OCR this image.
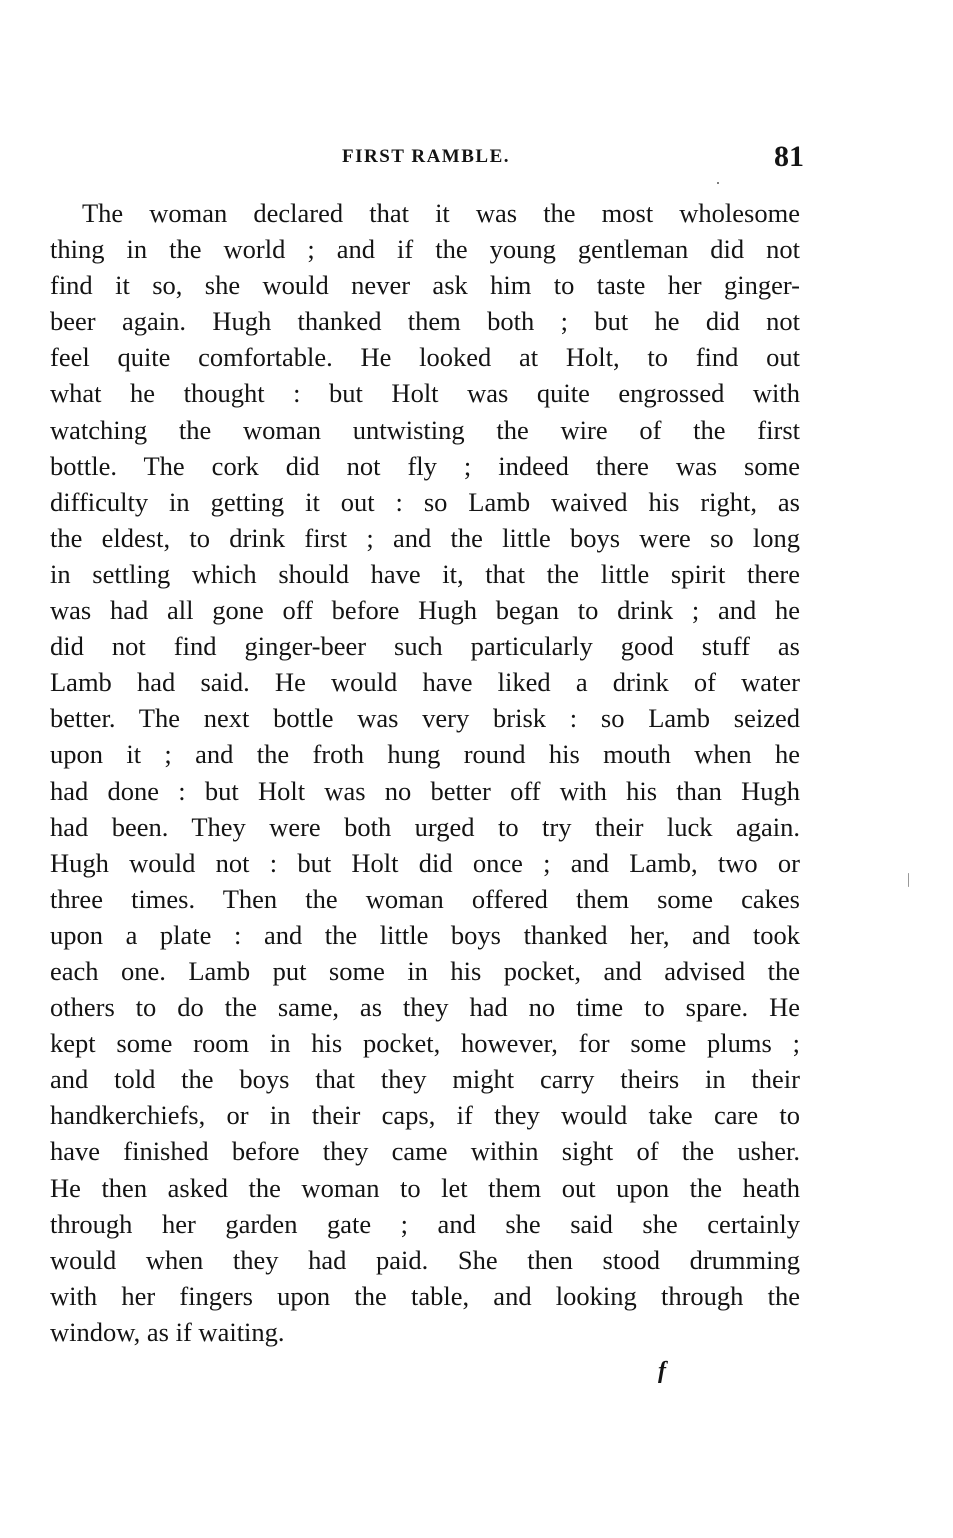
FIRST RAMBLE.	81
The woman declared that it was the most wholesome
thing in the world ; and if the young gentleman did not
find it so, she would never ask him to taste her ginger-
beer again. Hugh thanked them both ; but he did not
feel quite comfortable. He looked at Holt, to find out
what he thought : but Holt was quite engrossed with
watching the woman untwisting the wire of the first
bottle. The cork did not fly ; indeed there was some
difficulty in getting it out : so Lamb waived his right, as
the eldest, to drink first ; and the little boys were so long
in settling which should have it, that the little spirit there
was had all gone off before Hugh began to drink ; and he
did not find ginger-beer such particularly good stuff as
Lamb had said. He would have liked a drink of water
better. The next bottle was very brisk : so Lamb seized
upon it ; and the froth hung round his mouth when he
had done : but Holt was no better off with his than Hugh
had been. They were both urged to try their luck again.
Hugh would not : but Holt did once ; and Lamb, two or
three times. Then the woman offered them some cakes
upon a plate : and the little boys thanked her, and took
each one. Lamb put some in his pocket, and advised the
others to do the same, as they had no time to spare. He
kept some room in his pocket, however, for some plums ;
and told the boys that they might carry theirs in their
handkerchiefs, or in their caps, if they would take care to
have finished before they came within sight of the usher.
He then asked the woman to let them out upon the heath
through her garden gate ; and she said she certainly
would when they had paid. She then stood drumming
with her fingers upon the table, and looking through the
window, as if waiting.
f
